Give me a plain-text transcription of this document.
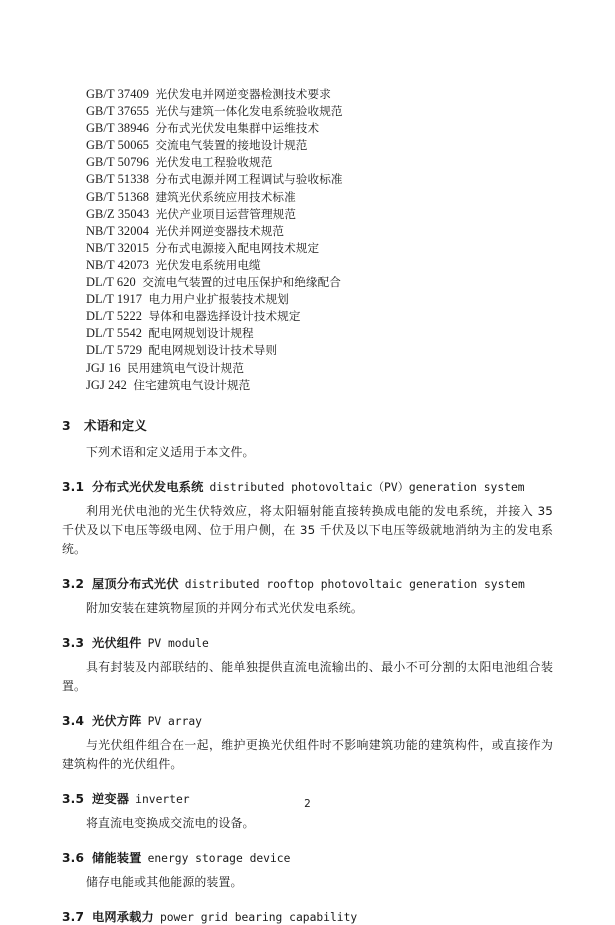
GB/T 37409 光伏发电并网逆变器检测技术要求
GB/T 37655 光伏与建筑一体化发电系统验收规范
GB/T 38946 分布式光伏发电集群中运维技术
GB/T 50065 交流电气装置的接地设计规范
GB/T 50796 光伏发电工程验收规范
GB/T 51338 分布式电源并网工程调试与验收标准
GB/T 51368 建筑光伏系统应用技术标准
GB/Z 35043 光伏产业项目运营管理规范
NB/T 32004 光伏并网逆变器技术规范
NB/T 32015 分布式电源接入配电网技术规定
NB/T 42073 光伏发电系统用电缆
DL/T 620 交流电气装置的过电压保护和绝缘配合
DL/T 1917 电力用户业扩报装技术规划
DL/T 5222 导体和电器选择设计技术规定
DL/T 5542 配电网规划设计规程
DL/T 5729 配电网规划设计技术导则
JGJ 16 民用建筑电气设计规范
JGJ 242 住宅建筑电气设计规范
3 术语和定义

下列术语和定义适用于本文件。

3.1 分布式光伏发电系统 distributed photovoltaic（PV）generation system

利用光伏电池的光生伏特效应，将太阳辐射能直接转换成电能的发电系统，并接入 35 千伏及以下电压等级电网、位于用户侧，在 35 千伏及以下电压等级就地消纳为主的发电系统。

3.2 屋顶分布式光伏 distributed rooftop photovoltaic generation system

附加安装在建筑物屋顶的并网分布式光伏发电系统。

3.3 光伏组件 PV module

具有封装及内部联结的、能单独提供直流电流输出的、最小不可分割的太阳电池组合装置。

3.4 光伏方阵 PV array

与光伏组件组合在一起，维护更换光伏组件时不影响建筑功能的建筑构件，或直接作为建筑构件的光伏组件。

3.5 逆变器 inverter

将直流电变换成交流电的设备。

3.6 储能装置 energy storage device

储存电能或其他能源的装置。

3.7 电网承载力 power grid bearing capability
2
